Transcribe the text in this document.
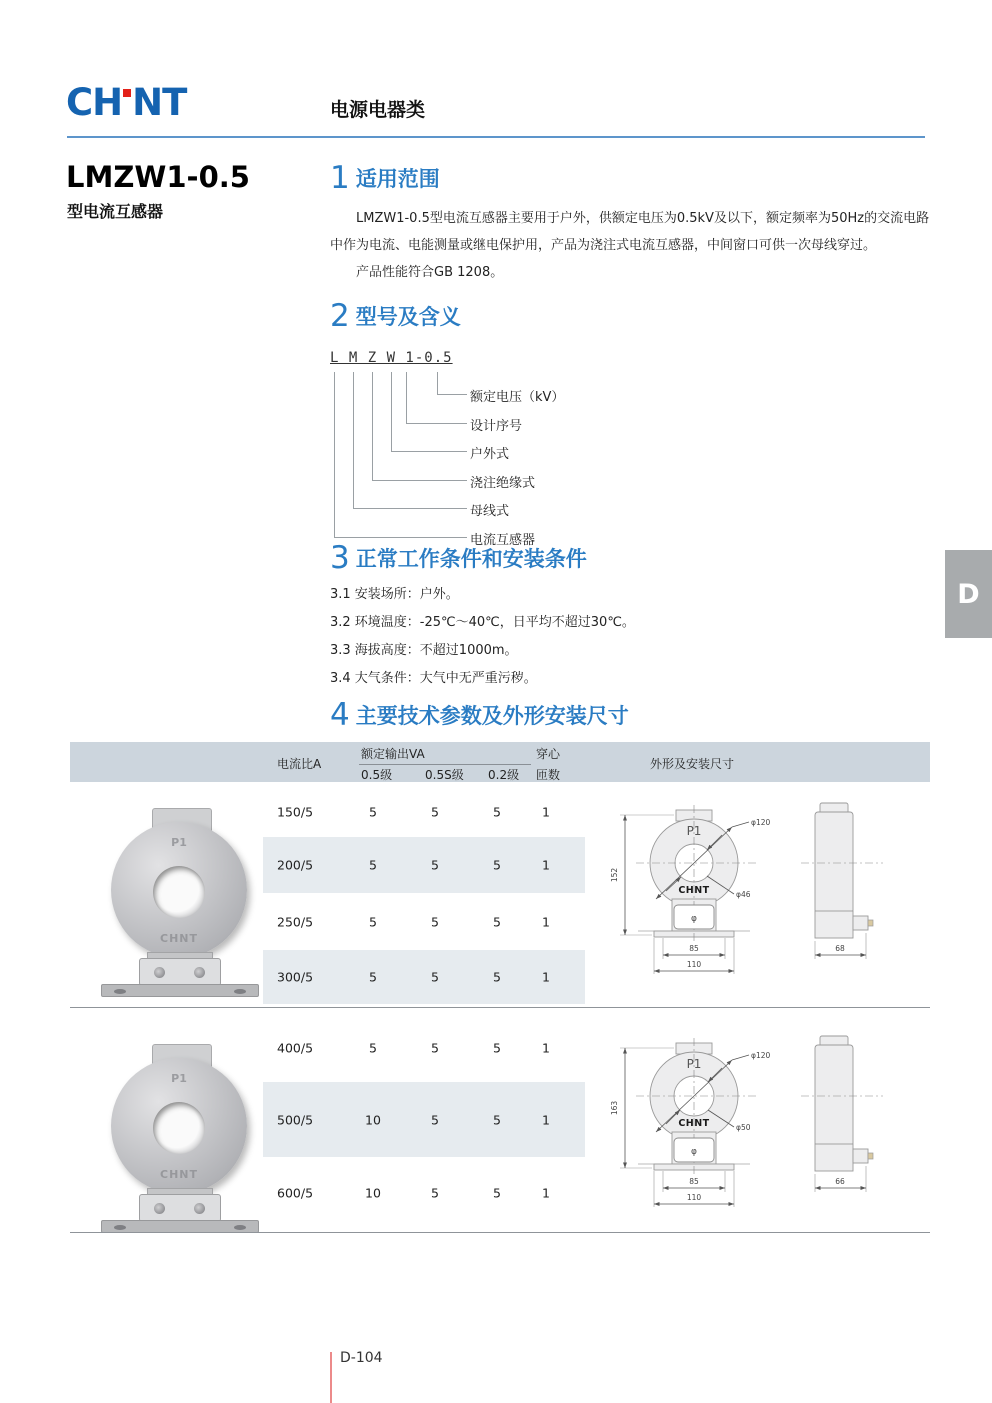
CH NT	电源电器类
LMZW1-0.5
型电流互感器
1 适用范围

LMZW1-0.5型电流互感器主要用于户外，供额定电压为0.5kV及以下，额定频率为50Hz的交流电路中作为电流、电能测量或继电保护用，产品为浇注式电流互感器，中间窗口可供一次母线穿过。

产品性能符合GB 1208。

2 型号及含义
L M Z W 1-0.5
额定电压（kV）
设计序号
户外式
浇注绝缘式
母线式
电流互感器
3 正常工作条件和安装条件
3.1 安装场所：户外。
3.2 环境温度：-25℃～40℃，日平均不超过30℃。
3.3 海拔高度：不超过1000m。
3.4 大气条件：大气中无严重污秽。
4 主要技术参数及外形安装尺寸
电流比A
额定输出VA
0.5级	0.5S级 0.2级
穿心
匝数
外形及安装尺寸
P1
CHNT
150/5	5	5	5	1
200/5	5	5	5	1
250/5	5	5	5	1
300/5	5	5	5	1
P1
CHNT
φ120
φ46
φ
152
85
110
68
P1
CHNT
400/5	5	5	5	1
500/5	10	5	5	1
600/5	10	5	5	1
P1
CHNT
φ120
φ50
φ
163
85
110
66
D
D-104
